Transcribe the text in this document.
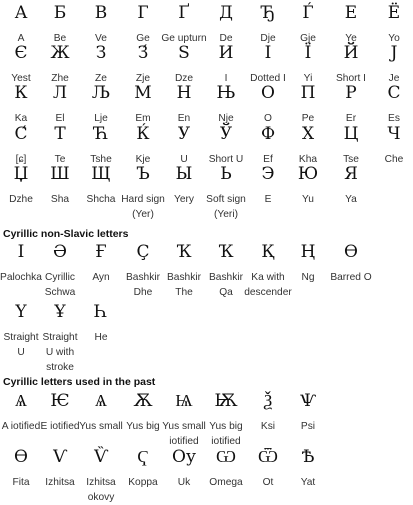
А
A
Б
Be
В
Ve
Г
Ge
Ґ
Ge upturn
Д
De
Ђ
Dje
Ѓ
Gje
Е
Ye
Ё
Yo
Є
Yest
Ж
Zhe
З
Ze
З́
Zje
Ѕ
Dze
И
I
І
Dotted I
Ї
Yi
Й
Short I
Ј
Je
К
Ka
Л
El
Љ
Lje
М
Em
Н
En
Њ
Nje
О
O
П
Pe
Р
Er
С
Es
С́
[ɕ]
Т
Te
Ћ
Tshe
Ќ
Kje
У
U
Ў
Short U
Ф
Ef
Х
Kha
Ц
Tse
Ч
Che
Џ
Dzhe
Ш
Sha
Щ
Shcha
Ъ
Hard sign
(Yer)
Ы
Yery
Ь
Soft sign
(Yeri)
Э
E
Ю
Yu
Я
Ya
Cyrillic non-Slavic letters
Ӏ
Palochka
Ә
Cyrillic
Schwa
Ғ
Ayn
Ҫ
Bashkir
Dhe
Ҡ
Bashkir
The
Ҡ
Bashkir
Qa
Қ
Ka with
descender
Ң
Ng
Ө
Barred O
Ү
Straight
U
Ұ
Straight
U with
stroke
Һ
He
Cyrillic letters used in the past
Ѧ
A iotified
Ѥ
E iotified
Ѧ
Yus small
Ѫ
Yus big
Ѩ
Yus small
iotified
Ѭ
Yus big
iotified
Ѯ
Ksi
Ѱ
Psi
Ѳ
Fita
Ѵ
Izhitsa
Ѷ
Izhitsa
okovy
Ҁ
Koppa
Оу
Uk
Ѡ
Omega
Ѿ
Ot
Ѣ
Yat
